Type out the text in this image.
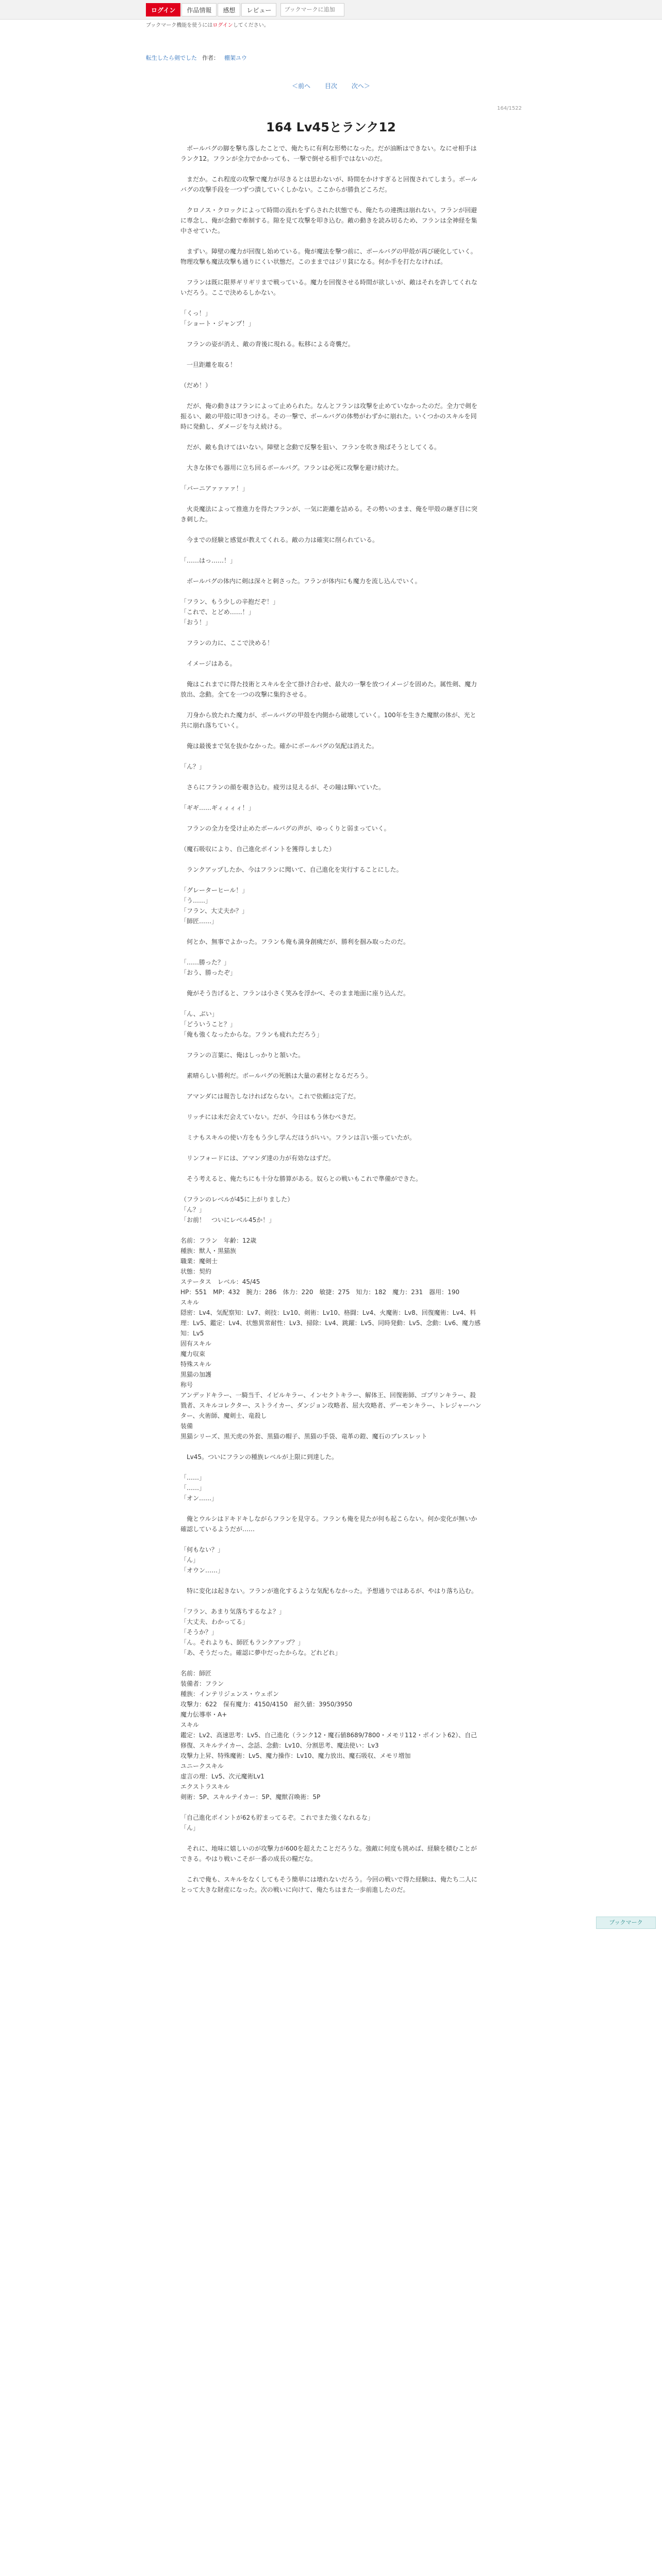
ログイン	作品情報	感想	レビュー
ブックマークに追加
ブックマーク機能を使うにはログインしてください。
転生したら剣でした 作者： 棚架ユウ
＜前へ 目次 次へ＞
164/1522
164 Lv45とランク12
　ボールバグの脚を撃ち落したことで、俺たちに有利な形勢になった。だが油断はできない。なにせ相手はランク12。フランが全力でかかっても、一撃で倒せる相手ではないのだ。
　まだか。これ程度の攻撃で魔力が尽きるとは思わないが、時間をかけすぎると回復されてしまう。ボールバグの攻撃手段を一つずつ潰していくしかない。ここからが勝負どころだ。
　クロノス・クロックによって時間の流れをずらされた状態でも、俺たちの連携は崩れない。フランが回避に専念し、俺が念動で牽制する。隙を見て攻撃を叩き込む。敵の動きを読み切るため、フランは全神経を集中させていた。
　まずい。障壁の魔力が回復し始めている。俺が魔法を撃つ前に、ボールバグの甲殻が再び硬化していく。物理攻撃も魔法攻撃も通りにくい状態だ。このままではジリ貧になる。何か手を打たなければ。
　フランは既に限界ギリギリまで戦っている。魔力を回復させる時間が欲しいが、敵はそれを許してくれないだろう。ここで決めるしかない。
「くっ！」
「ショート・ジャンプ！」
　フランの姿が消え、敵の背後に現れる。転移による奇襲だ。
　一旦距離を取る！
（だめ！）
　だが、俺の動きはフランによって止められた。なんとフランは攻撃を止めていなかったのだ。全力で剣を振るい、敵の甲殻に叩きつける。その一撃で、ボールバグの体勢がわずかに崩れた。いくつかのスキルを同時に発動し、ダメージを与え続ける。
　だが、敵も負けてはいない。障壁と念動で反撃を狙い、フランを吹き飛ばそうとしてくる。
　大きな体でも器用に立ち回るボールバグ。フランは必死に攻撃を避け続けた。
「バーニアァァァァ！」
　火炎魔法によって推進力を得たフランが、一気に距離を詰める。その勢いのまま、俺を甲殻の継ぎ目に突き刺した。
　今までの経験と感覚が教えてくれる。敵の力は確実に削られている。
「……はっ……！」
　ボールバグの体内に剣は深々と刺さった。フランが体内にも魔力を流し込んでいく。
「フラン、もう少しの辛抱だぞ！」
「これで、とどめ……！」
「おう！」
　フランの力に、ここで決める！
　イメージはある。
　俺はこれまでに得た技術とスキルを全て掛け合わせ、最大の一撃を放つイメージを固めた。属性剣、魔力放出、念動。全てを一つの攻撃に集約させる。
　刀身から放たれた魔力が、ボールバグの甲殻を内側から破壊していく。100年を生きた魔獣の体が、光と共に崩れ落ちていく。
　俺は最後まで気を抜かなかった。確かにボールバグの気配は消えた。
「ん？」
　さらにフランの顔を覗き込む。疲労は見えるが、その瞳は輝いていた。
「ギギ……ギィィィィ！」
　フランの全力を受け止めたボールバグの声が、ゆっくりと弱まっていく。
（魔石吸収により、自己進化ポイントを獲得しました）
　ランクアップしたか、今はフランに聞いて、自己進化を実行することにした。
「グレーターヒール！」
「う……」
「フラン、大丈夫か？」
「師匠……」
　何とか、無事でよかった。フランも俺も満身創痍だが、勝利を掴み取ったのだ。
「……勝った？」
「おう、勝ったぞ」
　俺がそう告げると、フランは小さく笑みを浮かべ、そのまま地面に座り込んだ。
「ん、ぶい」
「どういうこと？」
「俺も強くなったからな。フランも疲れただろう」
　フランの言葉に、俺はしっかりと頷いた。
　素晴らしい勝利だ。ボールバグの死骸は大量の素材となるだろう。
　アマンダには報告しなければならない。これで依頼は完了だ。
　リッチには未だ会えていない。だが、今日はもう休むべきだ。
　ミナもスキルの使い方をもう少し学んだほうがいい。フランは言い張っていたが。
　リンフォードには、アマンダ達の力が有効なはずだ。
　そう考えると、俺たちにも十分な勝算がある。奴らとの戦いもこれで準備ができた。
（フランのレベルが45に上がりました）
「ん？」
「お前！　ついにレベル45か！」
名前：フラン　年齢：12歳
種族：獣人・黒猫族
職業：魔剣士
状態：契約
ステータス　レベル：45/45
HP：551　MP：432　腕力：286　体力：220　敏捷：275　知力：182　魔力：231　器用：190
スキル
隠密：Lv4、気配察知：Lv7、剣技：Lv10、剣術：Lv10、格闘：Lv4、火魔術：Lv8、回復魔術：Lv4、料理：Lv5、鑑定：Lv4、状態異常耐性：Lv3、掃除：Lv4、跳躍：Lv5、同時発動：Lv5、念動：Lv6、魔力感知：Lv5
固有スキル
魔力収束
特殊スキル
黒猫の加護
称号
アンデッドキラー、一騎当千、イビルキラー、インセクトキラー、解体王、回復術師、ゴブリンキラー、殺戮者、スキルコレクター、ストライカー、ダンジョン攻略者、屈大攻略者、デーモンキラー、トレジャーハンター、火術師、魔剣士、竜殺し
装備
黒猫シリーズ、黒天虎の外套、黒猫の帽子、黒猫の手袋、竜革の鎧、魔石のブレスレット
　Lv45。ついにフランの種族レベルが上限に到達した。
「……」
「……」
「オン……」
　俺とウルシはドキドキしながらフランを見守る。フランも俺を見たが何も起こらない。何か変化が無いか確認しているようだが……
「何もない？」
「ん」
「オウン……」
　特に変化は起きない。フランが進化するような気配もなかった。予想通りではあるが、やはり落ち込む。
「フラン、あまり気落ちするなよ？」
「大丈夫、わかってる」
「そうか？」
「ん。それよりも、師匠もランクアップ？」
「あ、そうだった。確認に夢中だったからな。どれどれ」
名前：師匠
装備者：フラン
種族：インテリジェンス・ウェポン
攻撃力：622　保有魔力：4150/4150　耐久値：3950/3950
魔力伝導率・A+
スキル
鑑定：Lv2、高速思考：Lv5、自己進化（ランク12・魔石値8689/7800・メモリ112・ポイント62）、自己修復、スキルテイカー、念話、念動：Lv10、分割思考、魔法使い：Lv3
攻撃力上昇、特殊魔術：Lv5、魔力操作：Lv10、魔力放出、魔石吸収、メモリ増加
ユニークスキル
虚言の理：Lv5、次元魔術Lv1
エクストラスキル
剣術：5P、スキルテイカー：5P、魔獣召喚術：5P
「自己進化ポイントが62も貯まってるぞ。これでまた強くなれるな」
「ん」
　それに、地味に嬉しいのが攻撃力が600を超えたことだろうな。強敵に何度も挑めば、経験を積むことができる。やはり戦いこそが一番の成長の糧だな。
　これで俺も、スキルをなくしてもそう簡単には壊れないだろう。今回の戦いで得た経験は、俺たち二人にとって大きな財産になった。次の戦いに向けて、俺たちはまた一歩前進したのだ。
ブックマーク
